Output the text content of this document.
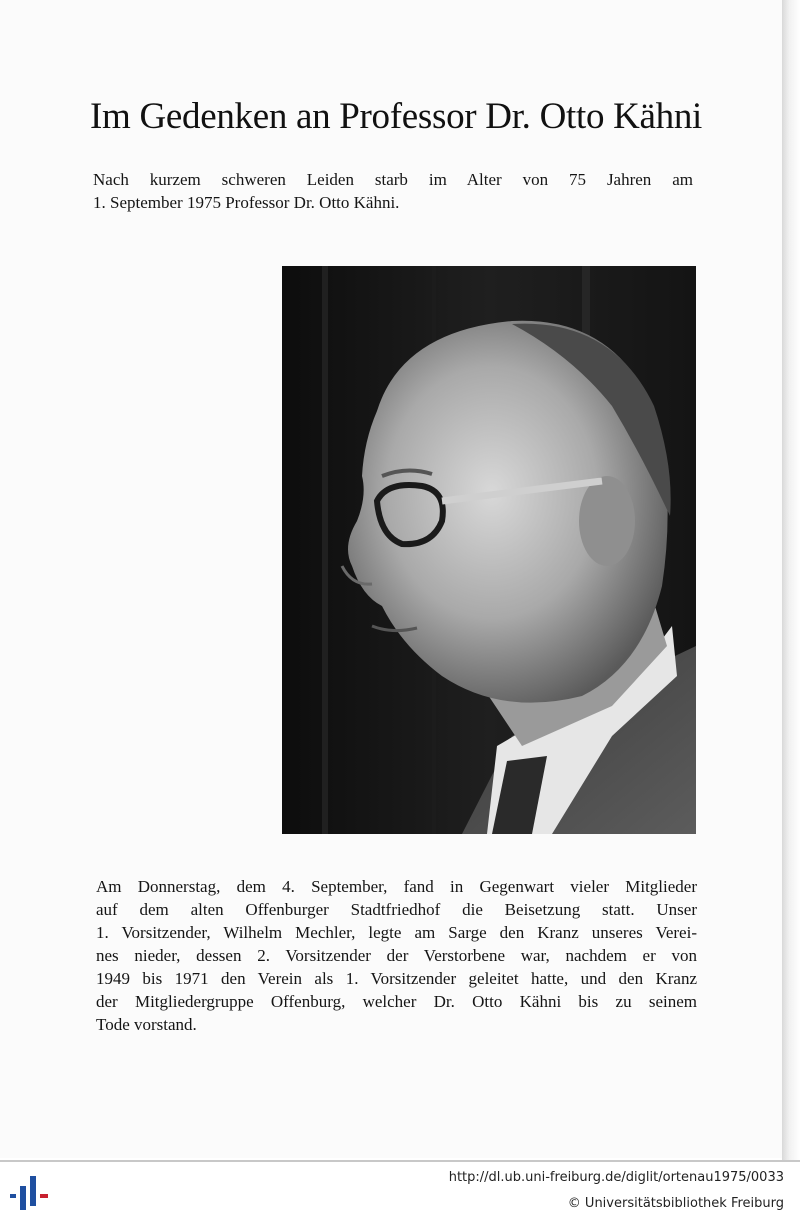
Im Gedenken an Professor Dr. Otto Kähni
Nach kurzem schweren Leiden starb im Alter von 75 Jahren am
1. September 1975 Professor Dr. Otto Kähni.
Am Donnerstag, dem 4. September, fand in Gegenwart vieler Mitglieder
auf dem alten Offenburger Stadtfriedhof die Beisetzung statt. Unser
1. Vorsitzender, Wilhelm Mechler, legte am Sarge den Kranz unseres Verei-
nes nieder, dessen 2. Vorsitzender der Verstorbene war, nachdem er von
1949 bis 1971 den Verein als 1. Vorsitzender geleitet hatte, und den Kranz
der Mitgliedergruppe Offenburg, welcher Dr. Otto Kähni bis zu seinem
Tode vorstand.
http://dl.ub.uni-freiburg.de/diglit/ortenau1975/0033
© Universitätsbibliothek Freiburg
